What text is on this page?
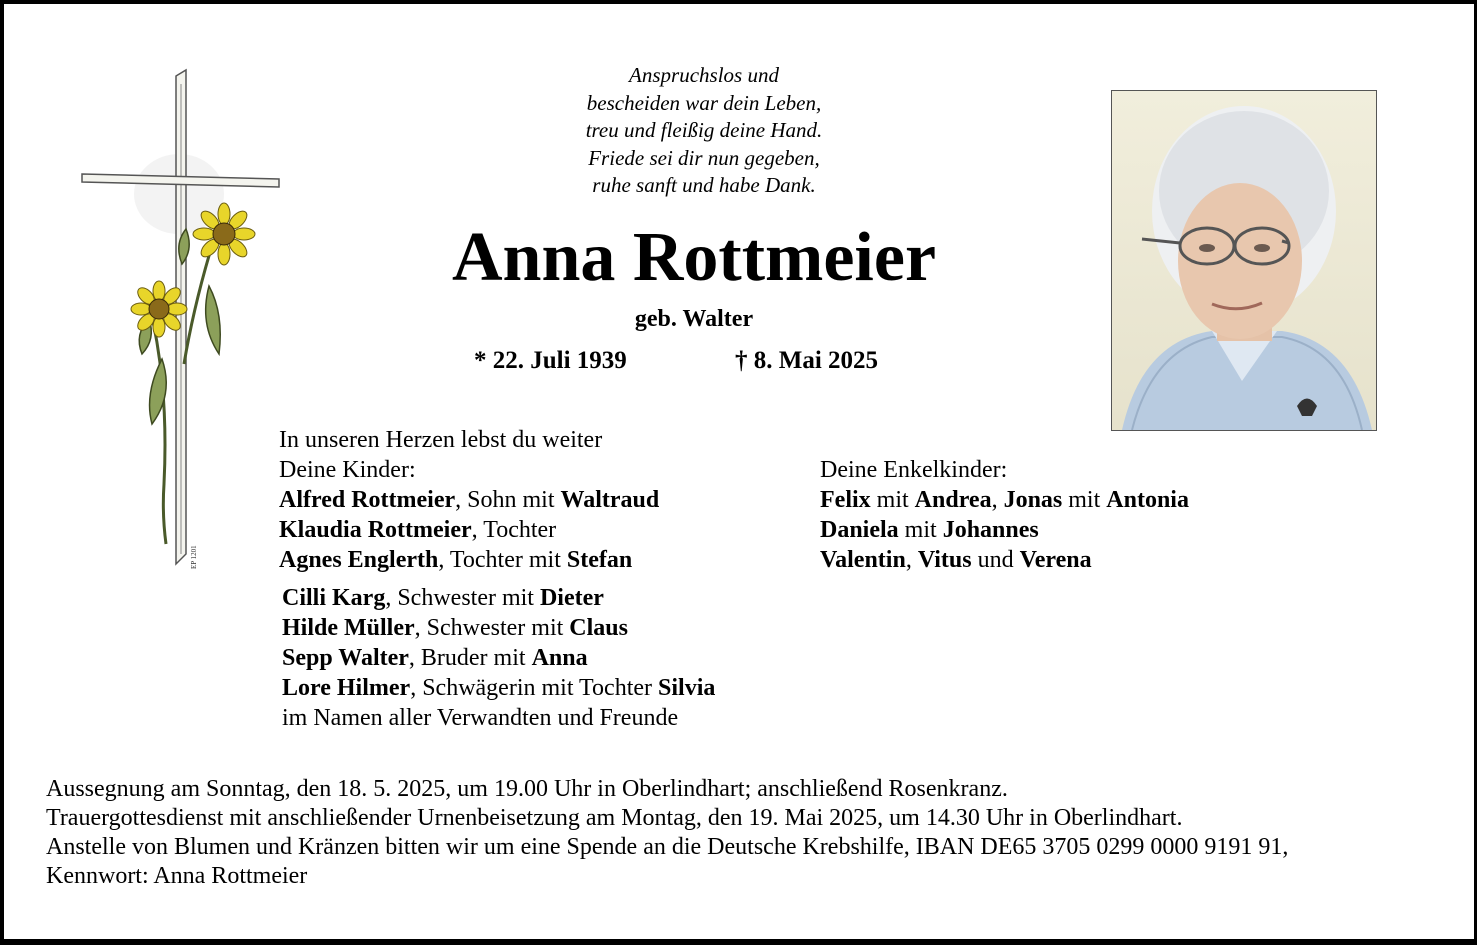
EP 1201
Anspruchslos und
bescheiden war dein Leben,
treu und fleißig deine Hand.
Friede sei dir nun gegeben,
ruhe sanft und habe Dank.
Anna Rottmeier
geb. Walter
* 22. Juli 1939	† 8. Mai 2025
In unseren Herzen lebst du weiter
Deine Kinder:
Alfred Rottmeier, Sohn mit Waltraud
Klaudia Rottmeier, Tochter
Agnes Englerth, Tochter mit Stefan
Deine Enkelkinder:
Felix mit Andrea, Jonas mit Antonia
Daniela mit Johannes
Valentin, Vitus und Verena
Cilli Karg, Schwester mit Dieter
Hilde Müller, Schwester mit Claus
Sepp Walter, Bruder mit Anna
Lore Hilmer, Schwägerin mit Tochter Silvia
im Namen aller Verwandten und Freunde
Aussegnung am Sonntag, den 18. 5. 2025, um 19.00 Uhr in Oberlindhart; anschließend Rosenkranz.
Trauergottesdienst mit anschließender Urnenbeisetzung am Montag, den 19. Mai 2025, um 14.30 Uhr in Oberlindhart.
Anstelle von Blumen und Kränzen bitten wir um eine Spende an die Deutsche Krebshilfe, IBAN DE65 3705 0299 0000 9191 91,
Kennwort: Anna Rottmeier
